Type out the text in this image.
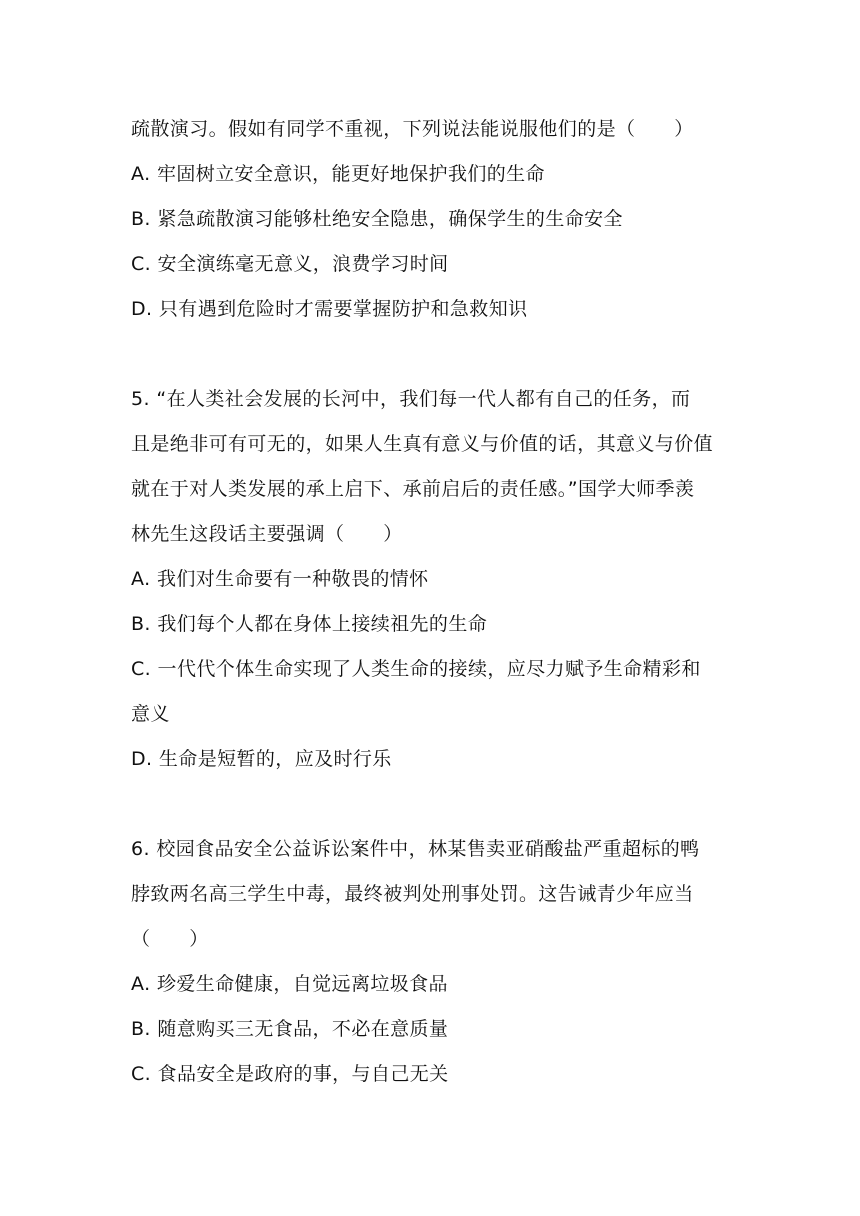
疏散演习。假如有同学不重视，下列说法能说服他们的是（　　）

A. 牢固树立安全意识，能更好地保护我们的生命

B. 紧急疏散演习能够杜绝安全隐患，确保学生的生命安全

C. 安全演练毫无意义，浪费学习时间

D. 只有遇到危险时才需要掌握防护和急救知识

5. “在人类社会发展的长河中，我们每一代人都有自己的任务，而

且是绝非可有可无的，如果人生真有意义与价值的话，其意义与价值

就在于对人类发展的承上启下、承前启后的责任感。”国学大师季羡

林先生这段话主要强调（　　）

A. 我们对生命要有一种敬畏的情怀

B. 我们每个人都在身体上接续祖先的生命

C. 一代代个体生命实现了人类生命的接续，应尽力赋予生命精彩和

意义

D. 生命是短暂的，应及时行乐

6. 校园食品安全公益诉讼案件中，林某售卖亚硝酸盐严重超标的鸭

脖致两名高三学生中毒，最终被判处刑事处罚。这告诫青少年应当

（　　）

A. 珍爱生命健康，自觉远离垃圾食品

B. 随意购买三无食品，不必在意质量

C. 食品安全是政府的事，与自己无关
